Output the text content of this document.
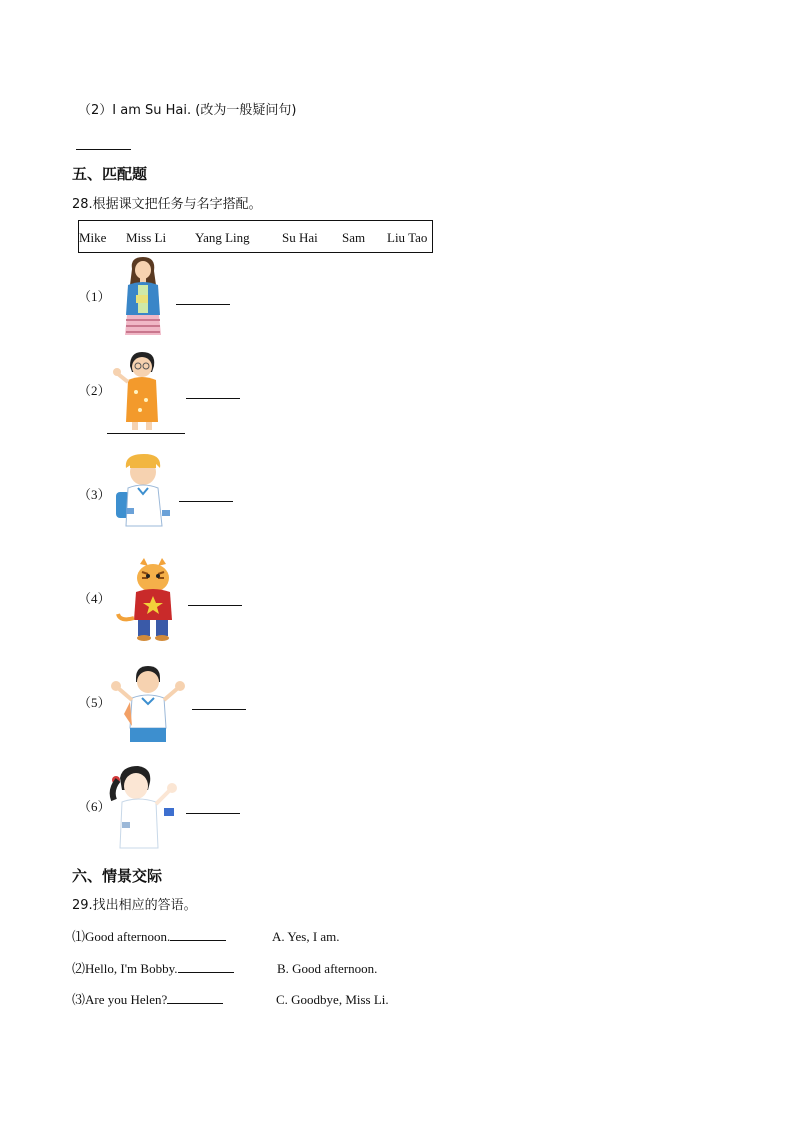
（2）I am Su Hai. (改为一般疑问句)
五、匹配题
28.根据课文把任务与名字搭配。
Mike Miss Li Yang Ling Su Hai Sam Liu Tao
（1）
（2）
（3）
（4）
（5）
（6）
六、情景交际
29.找出相应的答语。
⑴Good afternoon.	A. Yes, I am.
⑵Hello, I'm Bobby.	B. Good afternoon.
⑶Are you Helen?	C. Goodbye, Miss Li.
